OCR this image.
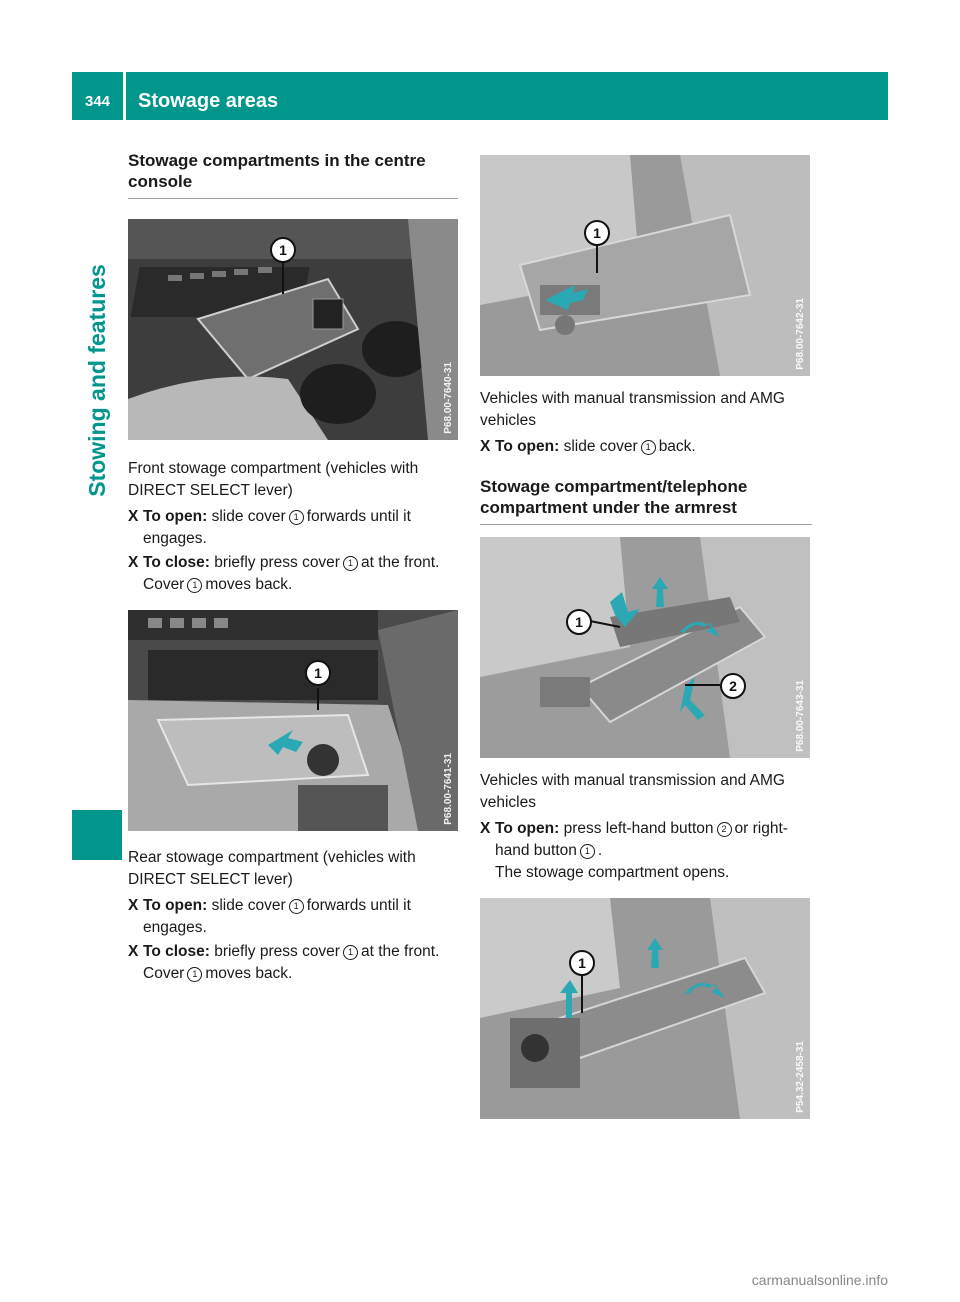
344	Stowage areas
Stowing and features
Stowage compartments in the centre console
1
P68.00-7640-31

Front stowage compartment (vehicles with DIRECT SELECT lever)

X To open: slide cover 1 forwards until it engages.
X To close: briefly press cover 1 at the front.
Cover 1 moves back.
1
P68.00-7641-31

Rear stowage compartment (vehicles with DIRECT SELECT lever)

X To open: slide cover 1 forwards until it engages.
X To close: briefly press cover 1 at the front.
Cover 1 moves back.
1
P68.00-7642-31

Vehicles with manual transmission and AMG vehicles

X To open: slide cover 1 back.
Stowage compartment/telephone compartment under the armrest
1
2	P68.00-7643-31

Vehicles with manual transmission and AMG vehicles

X To open: press left-hand button 2 or right-hand button 1 .
The stowage compartment opens.
1
P54.32-2458-31
carmanualsonline.info
